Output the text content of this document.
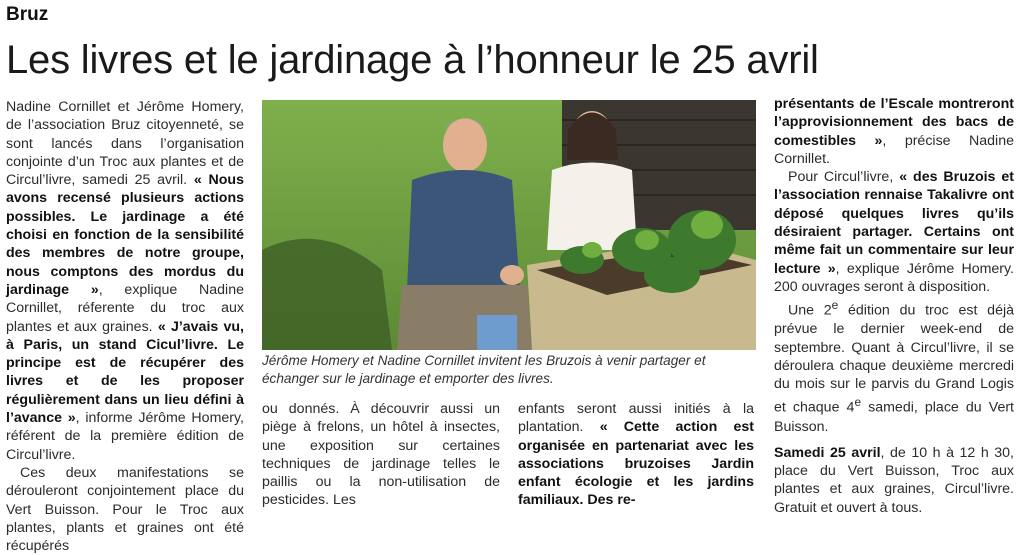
Bruz
Les livres et le jardinage à l’honneur le 25 avril

Nadine Cornillet et Jérôme Homery, de l’association Bruz citoyenneté, se sont lancés dans l’organisation conjointe d’un Troc aux plantes et de Circul’livre, samedi 25 avril. « Nous avons recensé plusieurs actions possibles. Le jardinage a été choisi en fonction de la sensibilité des membres de notre groupe, nous comptons des mordus du jardinage », explique Nadine Cornillet, réferente du troc aux plantes et aux graines. « J’avais vu, à Paris, un stand Cicul’livre. Le principe est de récupérer des livres et de les proposer régulièrement dans un lieu défini à l’avance », informe Jérôme Homery, référent de la première édition de Circul’livre.

Ces deux manifestations se dérouleront conjointement place du Vert Buisson. Pour le Troc aux plantes, plants et graines ont été récupérés

Jérôme Homery et Nadine Cornillet invitent les Bruzois à venir partager et échanger sur le jardinage et emporter des livres.

ou donnés. À découvrir aussi un piège à frelons, un hôtel à insectes, une exposition sur certaines techniques de jardinage telles le paillis ou la non-utilisation de pesticides. Les

enfants seront aussi initiés à la plantation. « Cette action est organisée en partenariat avec les associations bruzoises Jardin enfant écologie et les jardins familiaux. Des re-

présentants de l’Escale montreront l’approvisionnement des bacs de comestibles », précise Nadine Cornillet.

Pour Circul’livre, « des Bruzois et l’association rennaise Takalivre ont déposé quelques livres qu’ils désiraient partager. Certains ont même fait un commentaire sur leur lecture », explique Jérôme Homery. 200 ouvrages seront à disposition.

Une 2e édition du troc est déjà prévue le dernier week-end de septembre. Quant à Circul’livre, il se déroulera chaque deuxième mercredi du mois sur le parvis du Grand Logis et chaque 4e samedi, place du Vert Buisson.

Samedi 25 avril, de 10 h à 12 h 30, place du Vert Buisson, Troc aux plantes et aux graines, Circul’livre. Gratuit et ouvert à tous.
